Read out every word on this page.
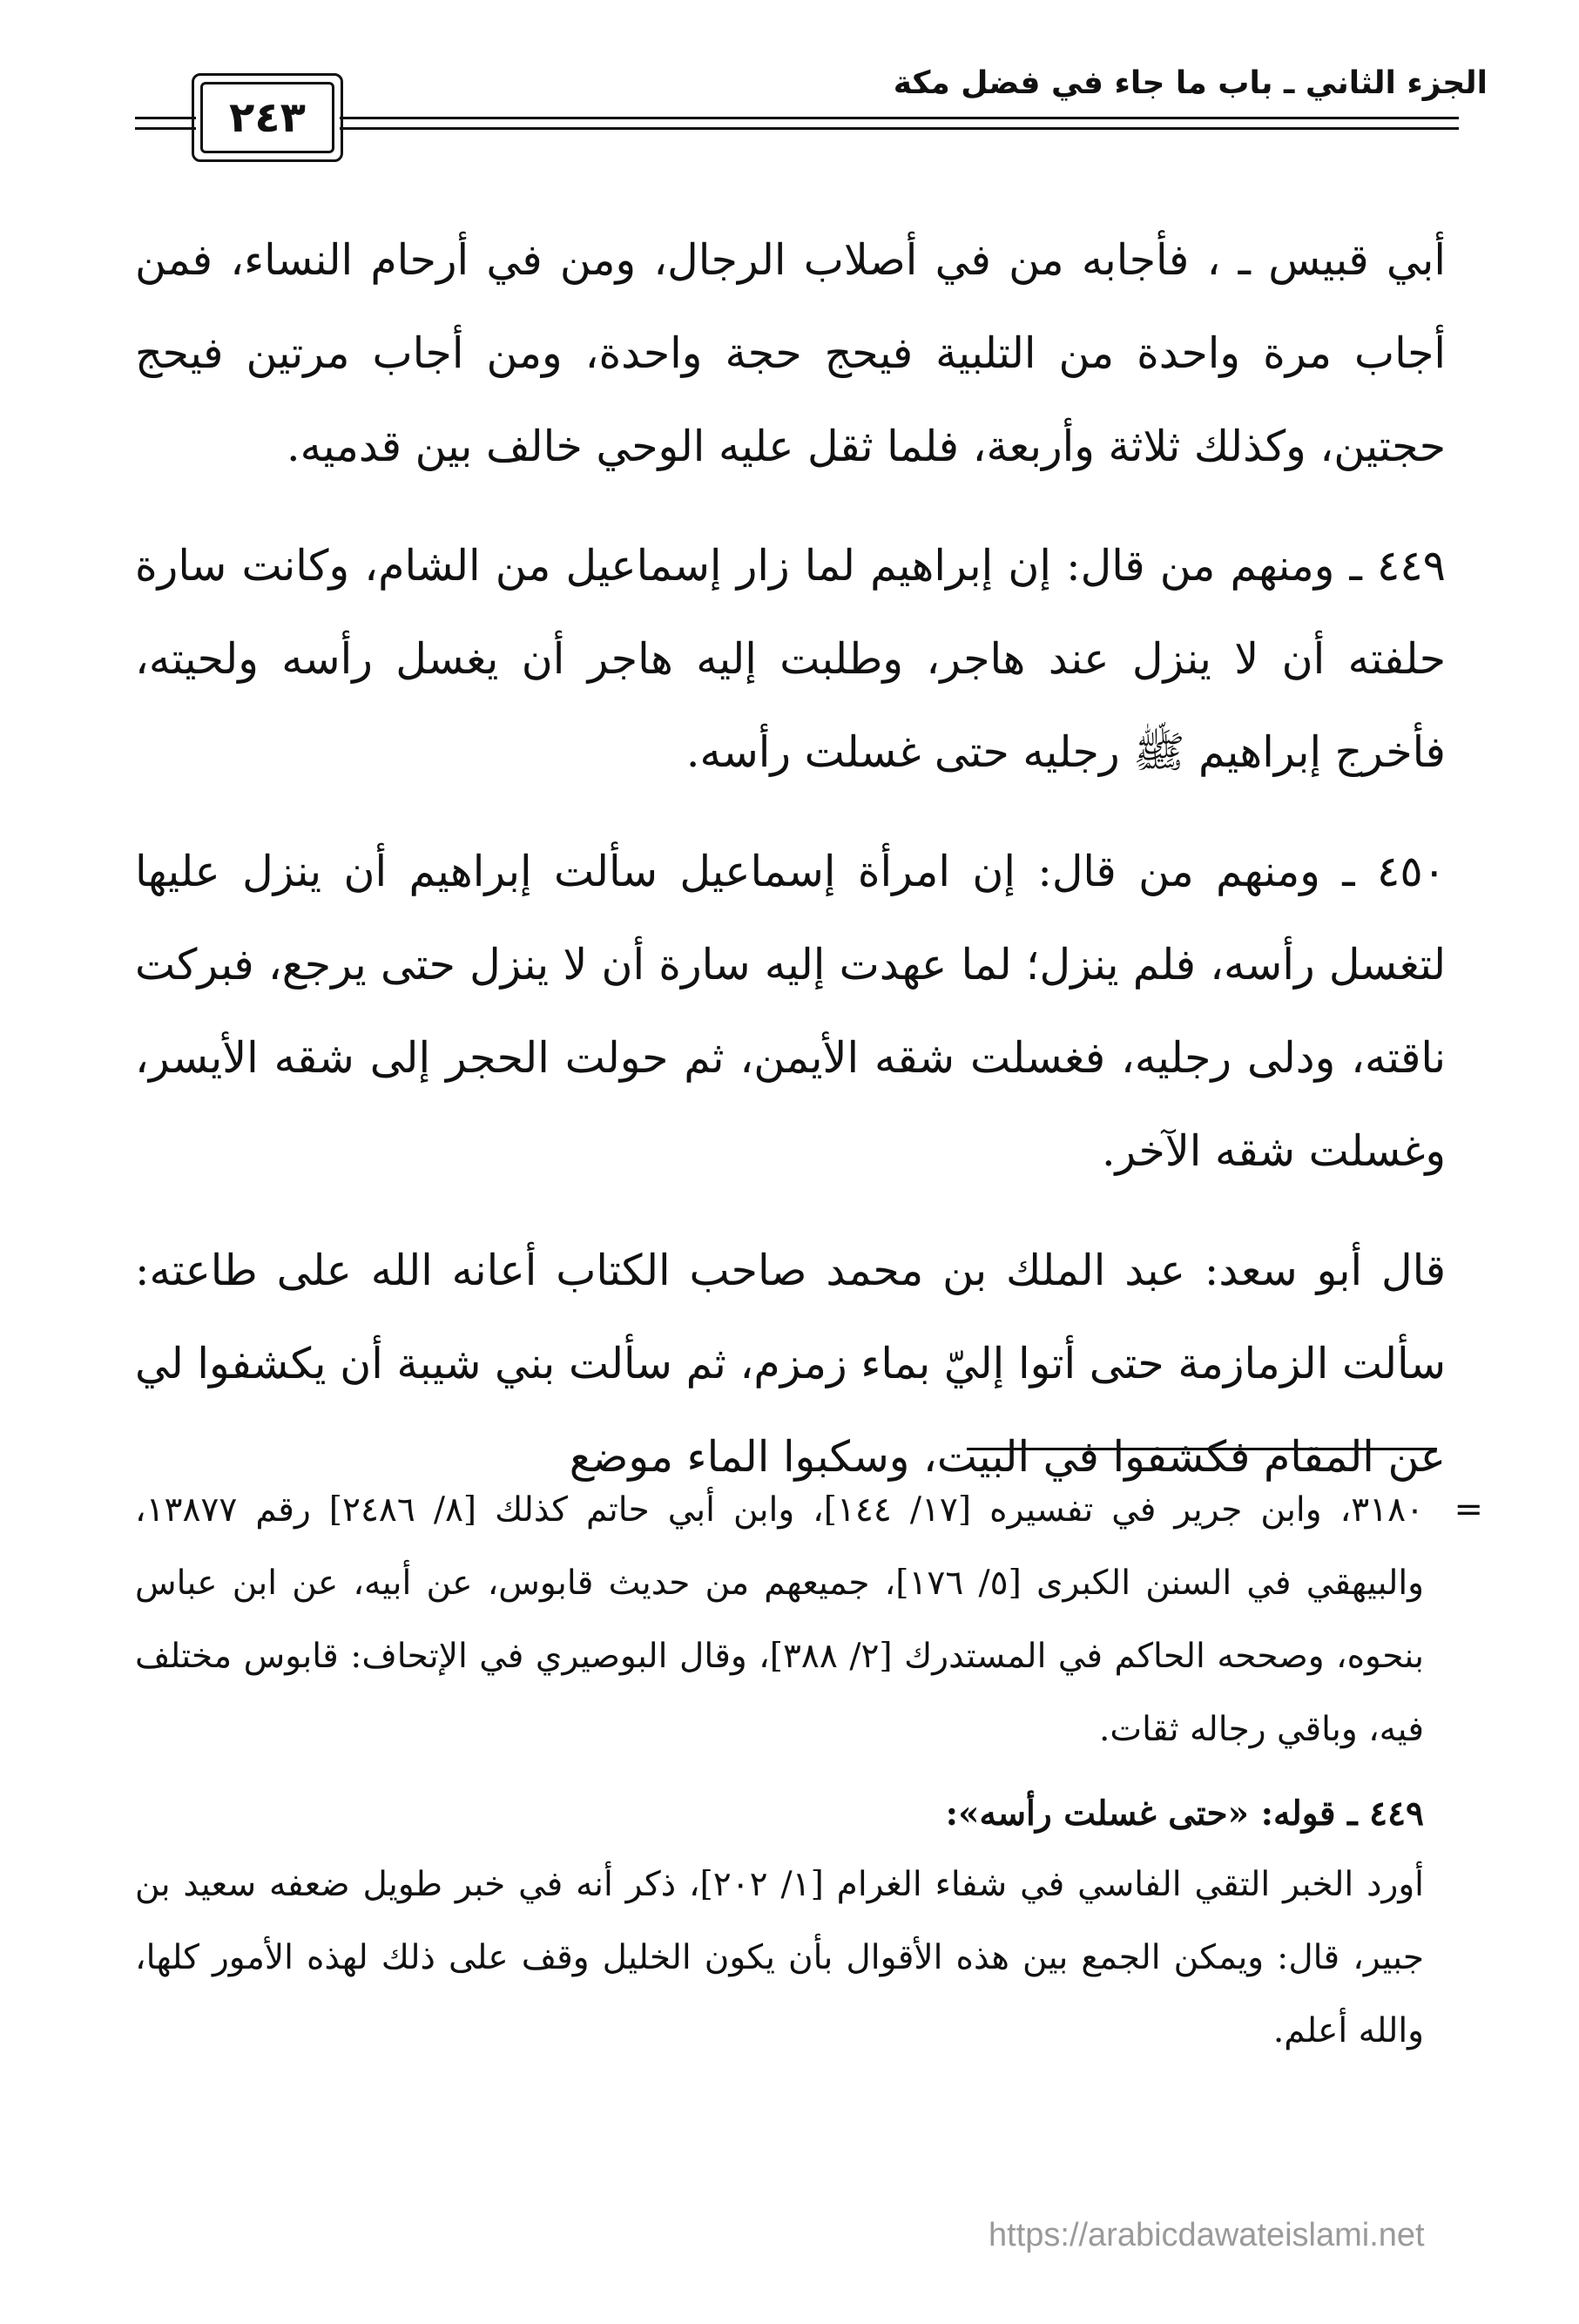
الجزء الثاني ـ باب ما جاء في فضل مكة
٢٤٣

أبي قبيس ـ ، فأجابه من في أصلاب الرجال، ومن في أرحام النساء، فمن أجاب مرة واحدة من التلبية فيحج حجة واحدة، ومن أجاب مرتين فيحج حجتين، وكذلك ثلاثة وأربعة، فلما ثقل عليه الوحي خالف بين قدميه.

٤٤٩ ـ ومنهم من قال: إن إبراهيم لما زار إسماعيل من الشام، وكانت سارة حلفته أن لا ينزل عند هاجر، وطلبت إليه هاجر أن يغسل رأسه ولحيته، فأخرج إبراهيم ﷺ رجليه حتى غسلت رأسه.

٤٥٠ ـ ومنهم من قال: إن امرأة إسماعيل سألت إبراهيم أن ينزل عليها لتغسل رأسه، فلم ينزل؛ لما عهدت إليه سارة أن لا ينزل حتى يرجع، فبركت ناقته، ودلى رجليه، فغسلت شقه الأيمن، ثم حولت الحجر إلى شقه الأيسر، وغسلت شقه الآخر.

قال أبو سعد: عبد الملك بن محمد صاحب الكتاب أعانه الله على طاعته: سألت الزمازمة حتى أتوا إليّ بماء زمزم، ثم سألت بني شيبة أن يكشفوا لي عن المقام فكشفوا في البيت، وسكبوا الماء موضع

=

٣١٨٠، وابن جرير في تفسيره [١٧/ ١٤٤]، وابن أبي حاتم كذلك [٨/ ٢٤٨٦] رقم ١٣٨٧٧، والبيهقي في السنن الكبرى [٥/ ١٧٦]، جميعهم من حديث قابوس، عن أبيه، عن ابن عباس بنحوه، وصححه الحاكم في المستدرك [٢/ ٣٨٨]، وقال البوصيري في الإتحاف: قابوس مختلف فيه، وباقي رجاله ثقات.

٤٤٩ ـ قوله: «حتى غسلت رأسه»:

أورد الخبر التقي الفاسي في شفاء الغرام [١/ ٢٠٢]، ذكر أنه في خبر طويل ضعفه سعيد بن جبير، قال: ويمكن الجمع بين هذه الأقوال بأن يكون الخليل وقف على ذلك لهذه الأمور كلها، والله أعلم.

https://arabicdawateislami.net
